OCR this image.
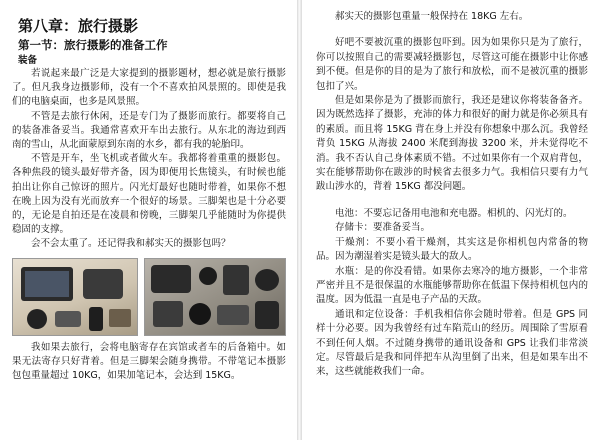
第八章：旅行摄影
第一节：旅行摄影的准备工作
装备

若说起来最广泛是大家提到的摄影题材，想必就是旅行摄影了。但凡我身边摄影师，没有一个不喜欢拍风景照的。即使是我们的电脑桌面，也多是风景照。

不管是去旅行休闲，还是专门为了摄影而旅行。都要将自己的装备准备妥当。我通常喜欢开车出去旅行。从东北的海边到西南的雪山，从北面蒙原到东南的水乡，都有我的轮胎印。

不管是开车，坐飞机或者做火车。我都将着重重的摄影包。各种焦段的镜头最好带齐备，因为即便用长焦镜头，有时候也能拍出让你自己惊讶的照片。闪光灯最好也随时带着，如果你不想在晚上因为没有光而放弃一个很好的场景。三脚架也是十分必要的，无论是自拍还是在凌晨和傍晚，三脚架几乎能随时为你提供稳固的支撑。

会不会太重了。还记得我和郝实天的摄影包吗？

我如果去旅行，会将电脑寄存在宾馆或者车的后备箱中。如果无法寄存只好背着。但是三脚架会随身携带。不带笔记本摄影包包重量超过 10KG，如果加笔记本，会达到 15KG。

郝实天的摄影包重量一般保持在 18KG 左右。

好吧不要被沉重的摄影包吓到。因为如果你只是为了旅行，你可以按照自己的需要减轻摄影包，尽管这可能在摄影中让你感到不便。但是你的目的是为了旅行和放松，而不是被沉重的摄影包扣了兴。

但是如果你是为了摄影而旅行，我还是建议你将装备备齐。因为既然选择了摄影，充沛的体力和很好的耐力就是你必须具有的素质。而且将 15KG 背在身上并没有你想象中那么沉。我曾经背负 15KG 从海拔 2400 米爬到海拔 3200 米，并未觉得吃不消。我不否认自己身体素质不错。不过如果你有一个双肩背包，实在能够帮助你在跋涉的时候省去很多力气。我相信只要有力气跋山涉水的，背着 15KG 都没问题。

电池：不要忘记备用电池和充电器。相机的、闪光灯的。

存储卡：要准备妥当。

干燥剂：不要小看干燥剂，其实这是你相机包内常备的物品。因为潮湿着实是镜头最大的敌人。

水瓶：是的你没看错。如果你去寒冷的地方摄影，一个非常严密并且不是很保温的水瓶能够帮助你在低温下保持相机包内的温度。因为低温一直是电子产品的天敌。

通讯和定位设备：手机我相信你会随时带着。但是 GPS 同样十分必要。因为我曾经有过车陷荒山的经历。周围除了雪原看不到任何人烟。不过随身携带的通讯设备和 GPS 让我们非常淡定。尽管最后是我和同伴把车从沟里倒了出来，但是如果车出不来，这些就能救我们一命。
